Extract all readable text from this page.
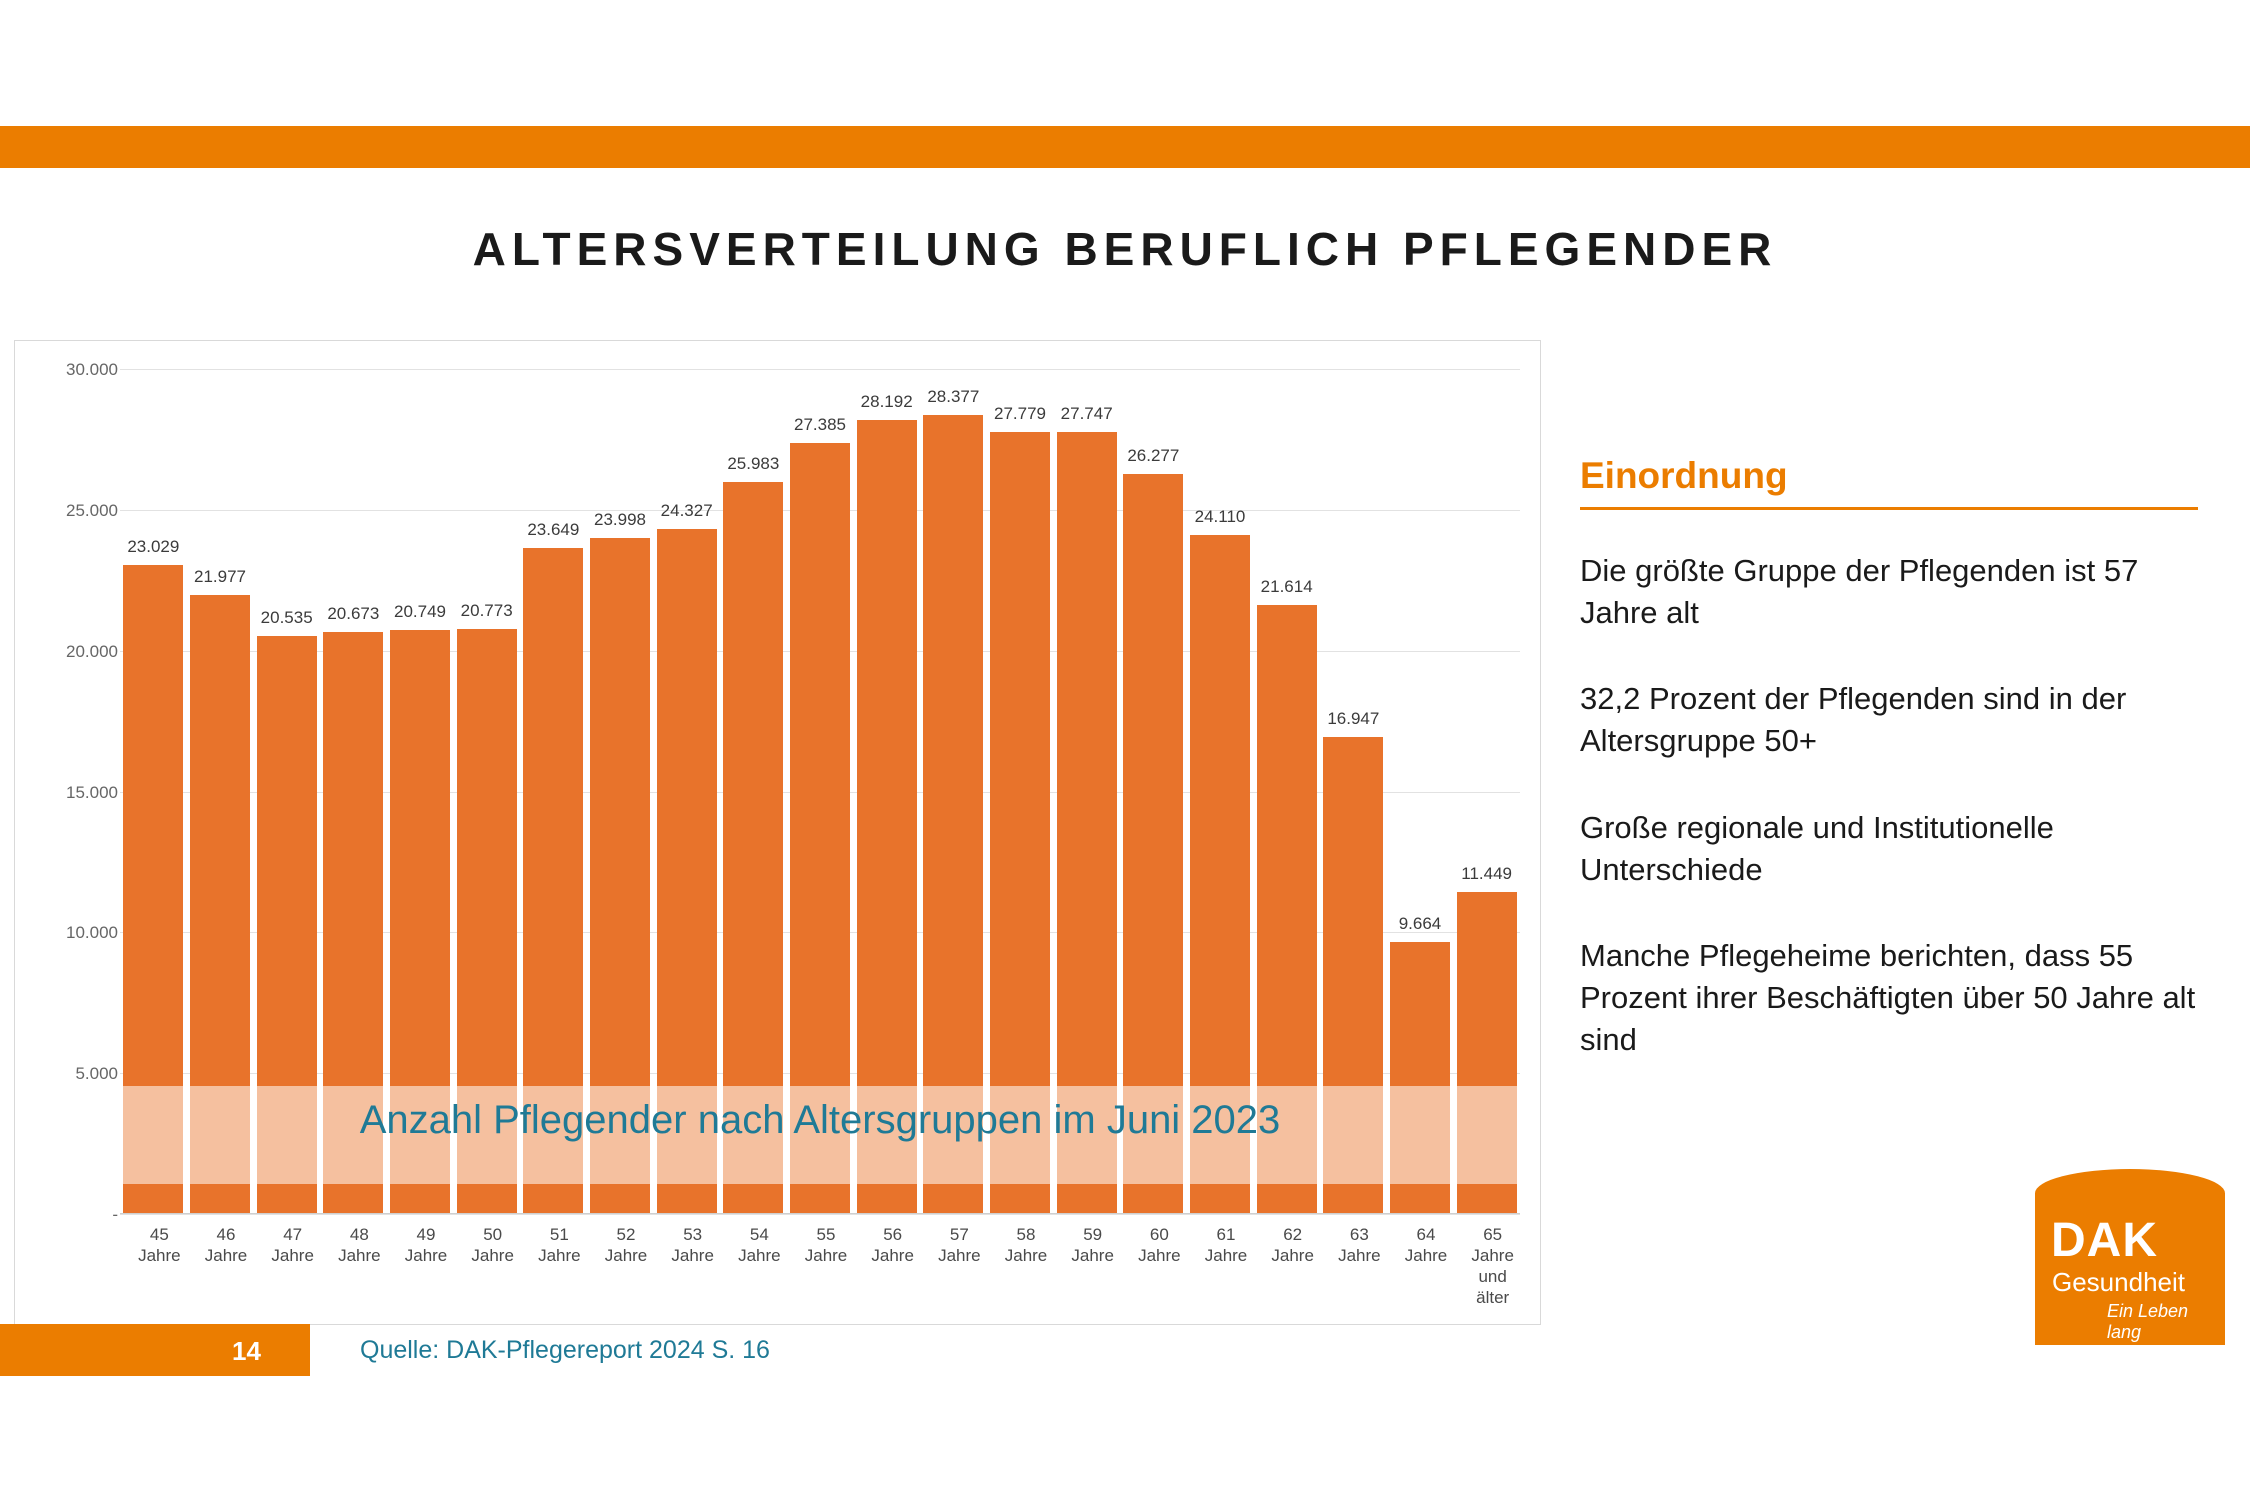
ALTERSVERTEILUNG BERUFLICH PFLEGENDER
-
5.000
10.000
15.000
20.000
25.000
30.000
23.029
21.977
20.535 20.673 20.749 20.773
23.649
23.998 24.327
25.983
27.385
28.192 28.377
27.779 27.747
26.277
24.110
21.614
16.947
9.664
11.449
45
Jahre
46
Jahre
47
Jahre
48
Jahre
49
Jahre
50
Jahre
51
Jahre
52
Jahre
53
Jahre
54
Jahre
55
Jahre
56
Jahre
57
Jahre
58
Jahre
59
Jahre
60
Jahre
61
Jahre
62
Jahre
63
Jahre
64
Jahre
65
Jahre
und
älter
Anzahl Pflegender nach Altersgruppen im Juni 2023
14	Quelle: DAK-Pflegereport 2024 S. 16
Einordnung

Die größte Gruppe der Pflegenden ist 57 Jahre alt

32,2 Prozent der Pflegenden sind in der Altersgruppe 50+

Große regionale und Institutionelle Unterschiede

Manche Pflegeheime berichten, dass 55 Prozent ihrer Beschäftigten über 50 Jahre alt sind

DAK
Gesundheit
Ein Leben lang
